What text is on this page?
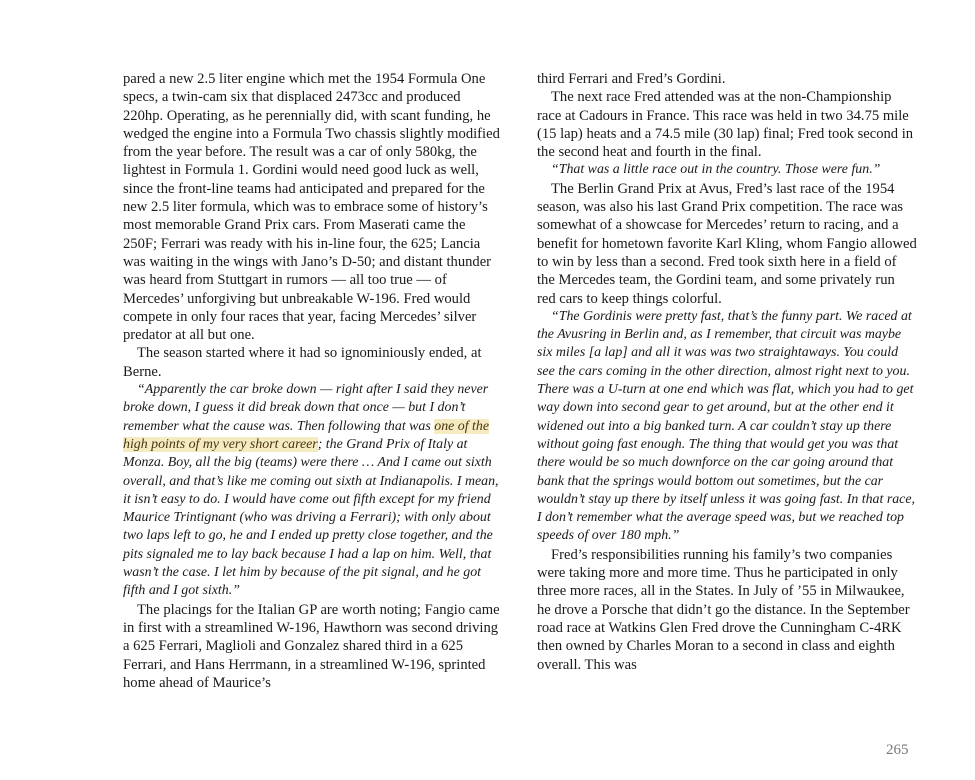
pared a new 2.5 liter engine which met the 1954 Formula One specs, a twin-cam six that displaced 2473cc and produced 220hp. Operating, as he perennially did, with scant funding, he wedged the engine into a Formula Two chassis slightly modified from the year before. The result was a car of only 580kg, the lightest in Formula 1. Gordini would need good luck as well, since the front-line teams had anticipated and prepared for the new 2.5 liter formula, which was to embrace some of history’s most memorable Grand Prix cars. From Maserati came the 250F; Ferrari was ready with his in-line four, the 625; Lancia was waiting in the wings with Jano’s D-50; and distant thunder was heard from Stuttgart in rumors — all too true — of Mercedes’ unforgiving but unbreakable W-196. Fred would compete in only four races that year, facing Mercedes’ silver predator at all but one.

The season started where it had so ignominiously ended, at Berne.

“Apparently the car broke down — right after I said they never broke down, I guess it did break down that once — but I don’t remember what the cause was. Then following that was one of the high points of my very short career; the Grand Prix of Italy at Monza. Boy, all the big (teams) were there … And I came out sixth overall, and that’s like me coming out sixth at Indianapolis. I mean, it isn’t easy to do. I would have come out fifth except for my friend Maurice Trintignant (who was driving a Ferrari); with only about two laps left to go, he and I ended up pretty close together, and the pits signaled me to lay back because I had a lap on him. Well, that wasn’t the case. I let him by because of the pit signal, and he got fifth and I got sixth.”

The placings for the Italian GP are worth noting; Fangio came in first with a streamlined W-196, Hawthorn was second driving a 625 Ferrari, Maglioli and Gonzalez shared third in a 625 Ferrari, and Hans Herrmann, in a streamlined W-196, sprinted home ahead of Maurice’s

third Ferrari and Fred’s Gordini.

The next race Fred attended was at the non-Championship race at Cadours in France. This race was held in two 34.75 mile (15 lap) heats and a 74.5 mile (30 lap) final; Fred took second in the second heat and fourth in the final.

“That was a little race out in the country. Those were fun.”

The Berlin Grand Prix at Avus, Fred’s last race of the 1954 season, was also his last Grand Prix competition. The race was somewhat of a showcase for Mercedes’ return to racing, and a benefit for hometown favorite Karl Kling, whom Fangio allowed to win by less than a second. Fred took sixth here in a field of the Mercedes team, the Gordini team, and some privately run red cars to keep things colorful.

“The Gordinis were pretty fast, that’s the funny part. We raced at the Avusring in Berlin and, as I remember, that circuit was maybe six miles [a lap] and all it was was two straightaways. You could see the cars coming in the other direction, almost right next to you. There was a U-turn at one end which was flat, which you had to get way down into second gear to get around, but at the other end it widened out into a big banked turn. A car couldn’t stay up there without going fast enough. The thing that would get you was that there would be so much downforce on the car going around that bank that the springs would bottom out sometimes, but the car wouldn’t stay up there by itself unless it was going fast. In that race, I don’t remember what the average speed was, but we reached top speeds of over 180 mph.”

Fred’s responsibilities running his family’s two companies were taking more and more time. Thus he participated in only three more races, all in the States. In July of ’55 in Milwaukee, he drove a Porsche that didn’t go the distance. In the September road race at Watkins Glen Fred drove the Cunningham C-4RK then owned by Charles Moran to a second in class and eighth overall. This was

265
